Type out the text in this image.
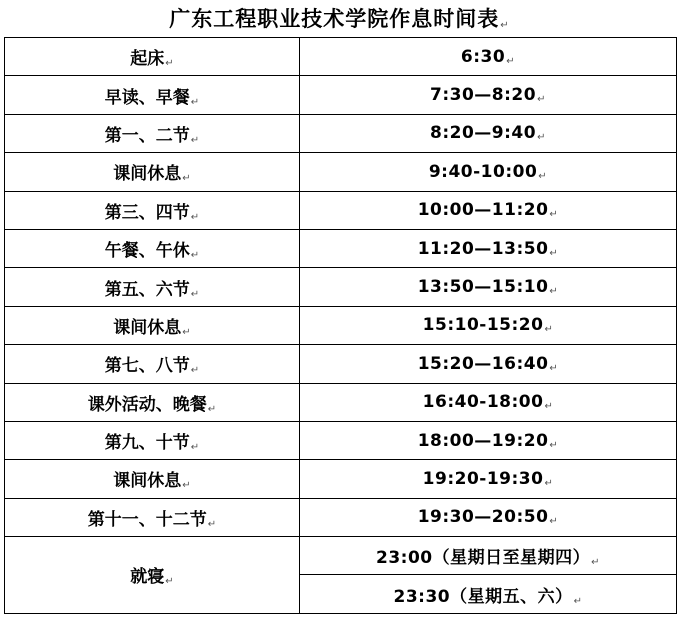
广东工程职业技术学院作息时间表↵
起床↵	6:30↵
早读、早餐↵	7:30—8:20↵
第一、二节↵	8:20—9:40↵
课间休息↵	9:40-10:00↵
第三、四节↵	10:00—11:20↵
午餐、午休↵	11:20—13:50↵
第五、六节↵	13:50—15:10↵
课间休息↵	15:10-15:20↵
第七、八节↵	15:20—16:40↵
课外活动、晚餐↵	16:40-18:00↵
第九、十节↵	18:00—19:20↵
课间休息↵	19:20-19:30↵
第十一、十二节↵	19:30—20:50↵
就寝↵	23:00（星期日至星期四）↵
	23:30（星期五、六）↵
